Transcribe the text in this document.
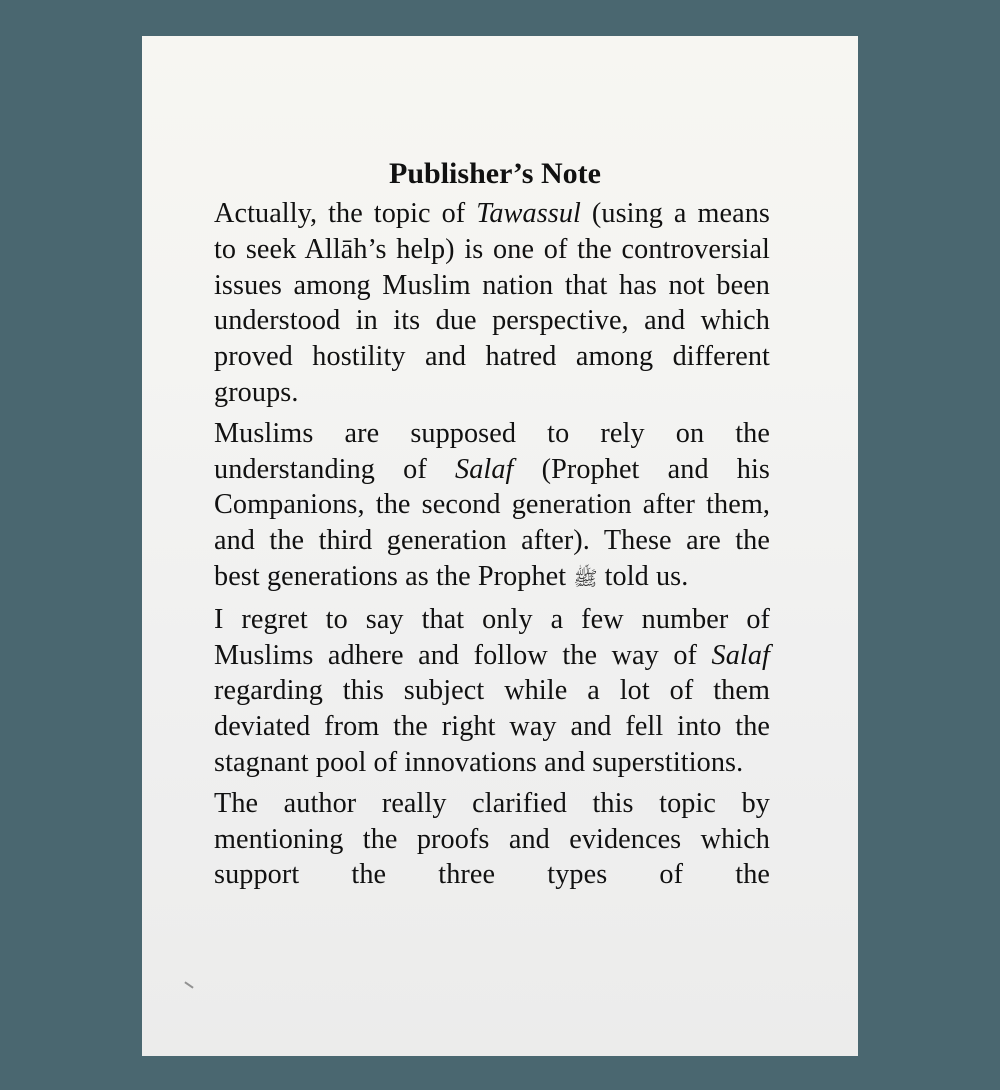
Publisher’s Note

Actually, the topic of Tawassul (using a means to seek Allāh’s help) is one of the controversial issues among Muslim nation that has not been understood in its due perspective, and which proved hostility and hatred among different groups.

Muslims are supposed to rely on the understanding of Salaf (Prophet and his Companions, the second generation after them, and the third generation after). These are the best generations as the Prophet ﷺ told us.

I regret to say that only a few number of Muslims adhere and follow the way of Salaf regarding this subject while a lot of them deviated from the right way and fell into the stagnant pool of innovations and superstitions.

The author really clarified this topic by mentioning the proofs and evidences which support the three types of the
